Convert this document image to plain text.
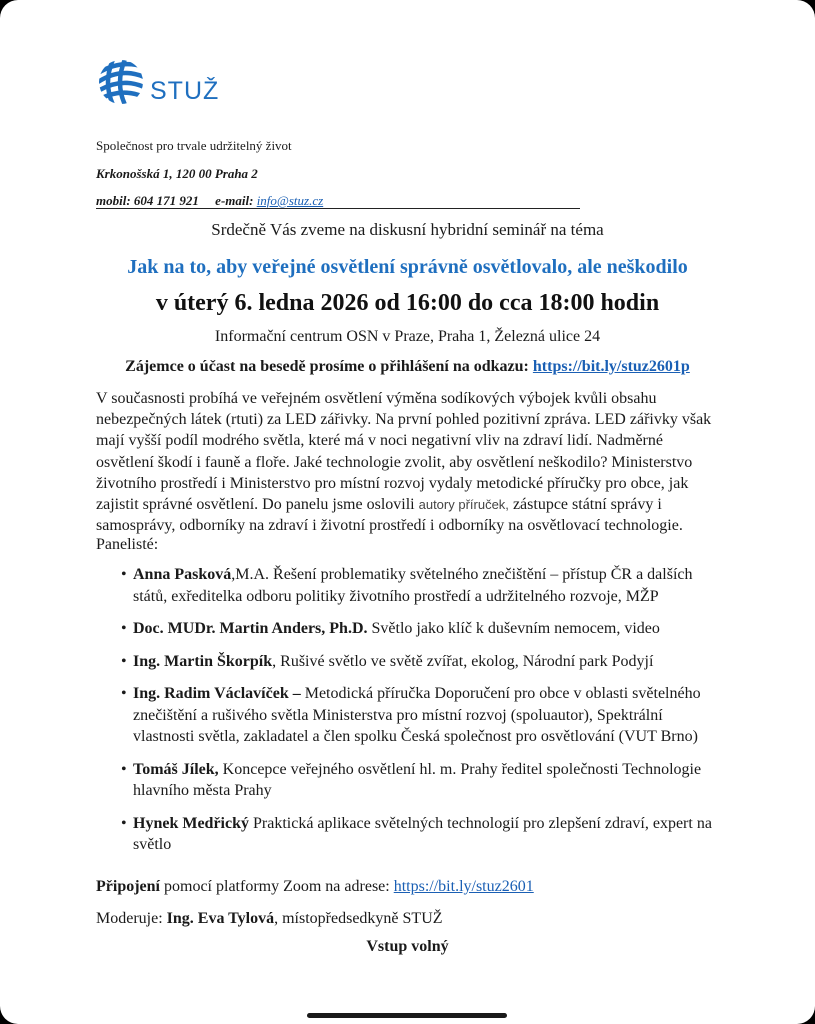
STUŽ
Společnost pro trvale udržitelný život
Krkonošská 1, 120 00 Praha 2
mobil: 604 171 921 e-mail: info@stuz.cz
Srdečně Vás zveme na diskusní hybridní seminář na téma
Jak na to, aby veřejné osvětlení správně osvětlovalo, ale neškodilo
v úterý 6. ledna 2026 od 16:00 do cca 18:00 hodin
Informační centrum OSN v Praze, Praha 1, Železná ulice 24
Zájemce o účast na besedě prosíme o přihlášení na odkazu: https://bit.ly/stuz2601p
V současnosti probíhá ve veřejném osvětlení výměna sodíkových výbojek kvůli obsahu nebezpečných látek (rtuti) za LED zářivky. Na první pohled pozitivní zpráva. LED zářivky však mají vyšší podíl modrého světla, které má v noci negativní vliv na zdraví lidí. Nadměrné osvětlení škodí i fauně a floře. Jaké technologie zvolit, aby osvětlení neškodilo? Ministerstvo životního prostředí i Ministerstvo pro místní rozvoj vydaly metodické příručky pro obce, jak zajistit správné osvětlení. Do panelu jsme oslovili autory příruček, zástupce státní správy i samosprávy, odborníky na zdraví i životní prostředí i odborníky na osvětlovací technologie.
Panelisté:
• Anna Pasková,M.A. Řešení problematiky světelného znečištění – přístup ČR a dalších států, exředitelka odboru politiky životního prostředí a udržitelného rozvoje, MŽP
• Doc. MUDr. Martin Anders, Ph.D. Světlo jako klíč k duševním nemocem, video
• Ing. Martin Škorpík, Rušivé světlo ve světě zvířat, ekolog, Národní park Podyjí
• Ing. Radim Václavíček – Metodická příručka Doporučení pro obce v oblasti světelného znečištění a rušivého světla Ministerstva pro místní rozvoj (spoluautor), Spektrální vlastnosti světla, zakladatel a člen spolku Česká společnost pro osvětlování (VUT Brno)
• Tomáš Jílek, Koncepce veřejného osvětlení hl. m. Prahy ředitel společnosti Technologie hlavního města Prahy
• Hynek Medřický Praktická aplikace světelných technologií pro zlepšení zdraví, expert na světlo
Připojení pomocí platformy Zoom na adrese: https://bit.ly/stuz2601
Moderuje: Ing. Eva Tylová, místopředsedkyně STUŽ
Vstup volný
